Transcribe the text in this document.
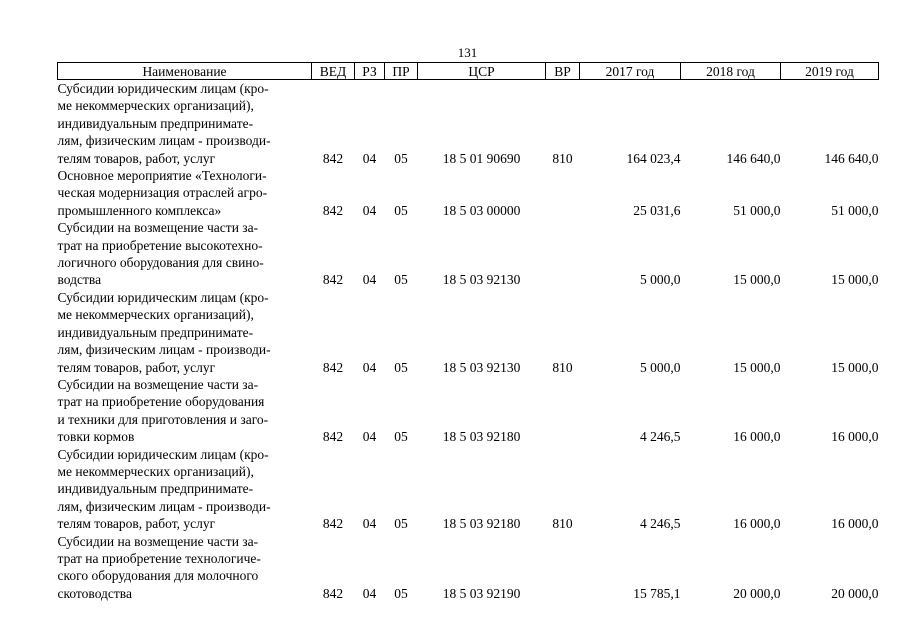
131
Наименование	ВЕД	РЗ	ПР	ЦСР	ВР	2017 год	2018 год	2019 год
Субсидии юридическим лицам (кро-
ме некоммерческих организаций),
индивидуальным предпринимате-
лям, физическим лицам - производи-
телям товаров, работ, услуг	842	04	05	18 5 01 90690	810	164 023,4	146 640,0	146 640,0
Основное мероприятие «Технологи-
ческая модернизация отраслей агро-
промышленного комплекса»	842	04	05	18 5 03 00000		25 031,6	51 000,0	51 000,0
Субсидии на возмещение части за-
трат на приобретение высокотехно-
логичного оборудования для свино-
водства	842	04	05	18 5 03 92130		5 000,0	15 000,0	15 000,0
Субсидии юридическим лицам (кро-
ме некоммерческих организаций),
индивидуальным предпринимате-
лям, физическим лицам - производи-
телям товаров, работ, услуг	842	04	05	18 5 03 92130	810	5 000,0	15 000,0	15 000,0
Субсидии на возмещение части за-
трат на приобретение оборудования
и техники для приготовления и заго-
товки кормов	842	04	05	18 5 03 92180		4 246,5	16 000,0	16 000,0
Субсидии юридическим лицам (кро-
ме некоммерческих организаций),
индивидуальным предпринимате-
лям, физическим лицам - производи-
телям товаров, работ, услуг	842	04	05	18 5 03 92180	810	4 246,5	16 000,0	16 000,0
Субсидии на возмещение части за-
трат на приобретение технологиче-
ского оборудования для молочного
скотоводства	842	04	05	18 5 03 92190		15 785,1	20 000,0	20 000,0
